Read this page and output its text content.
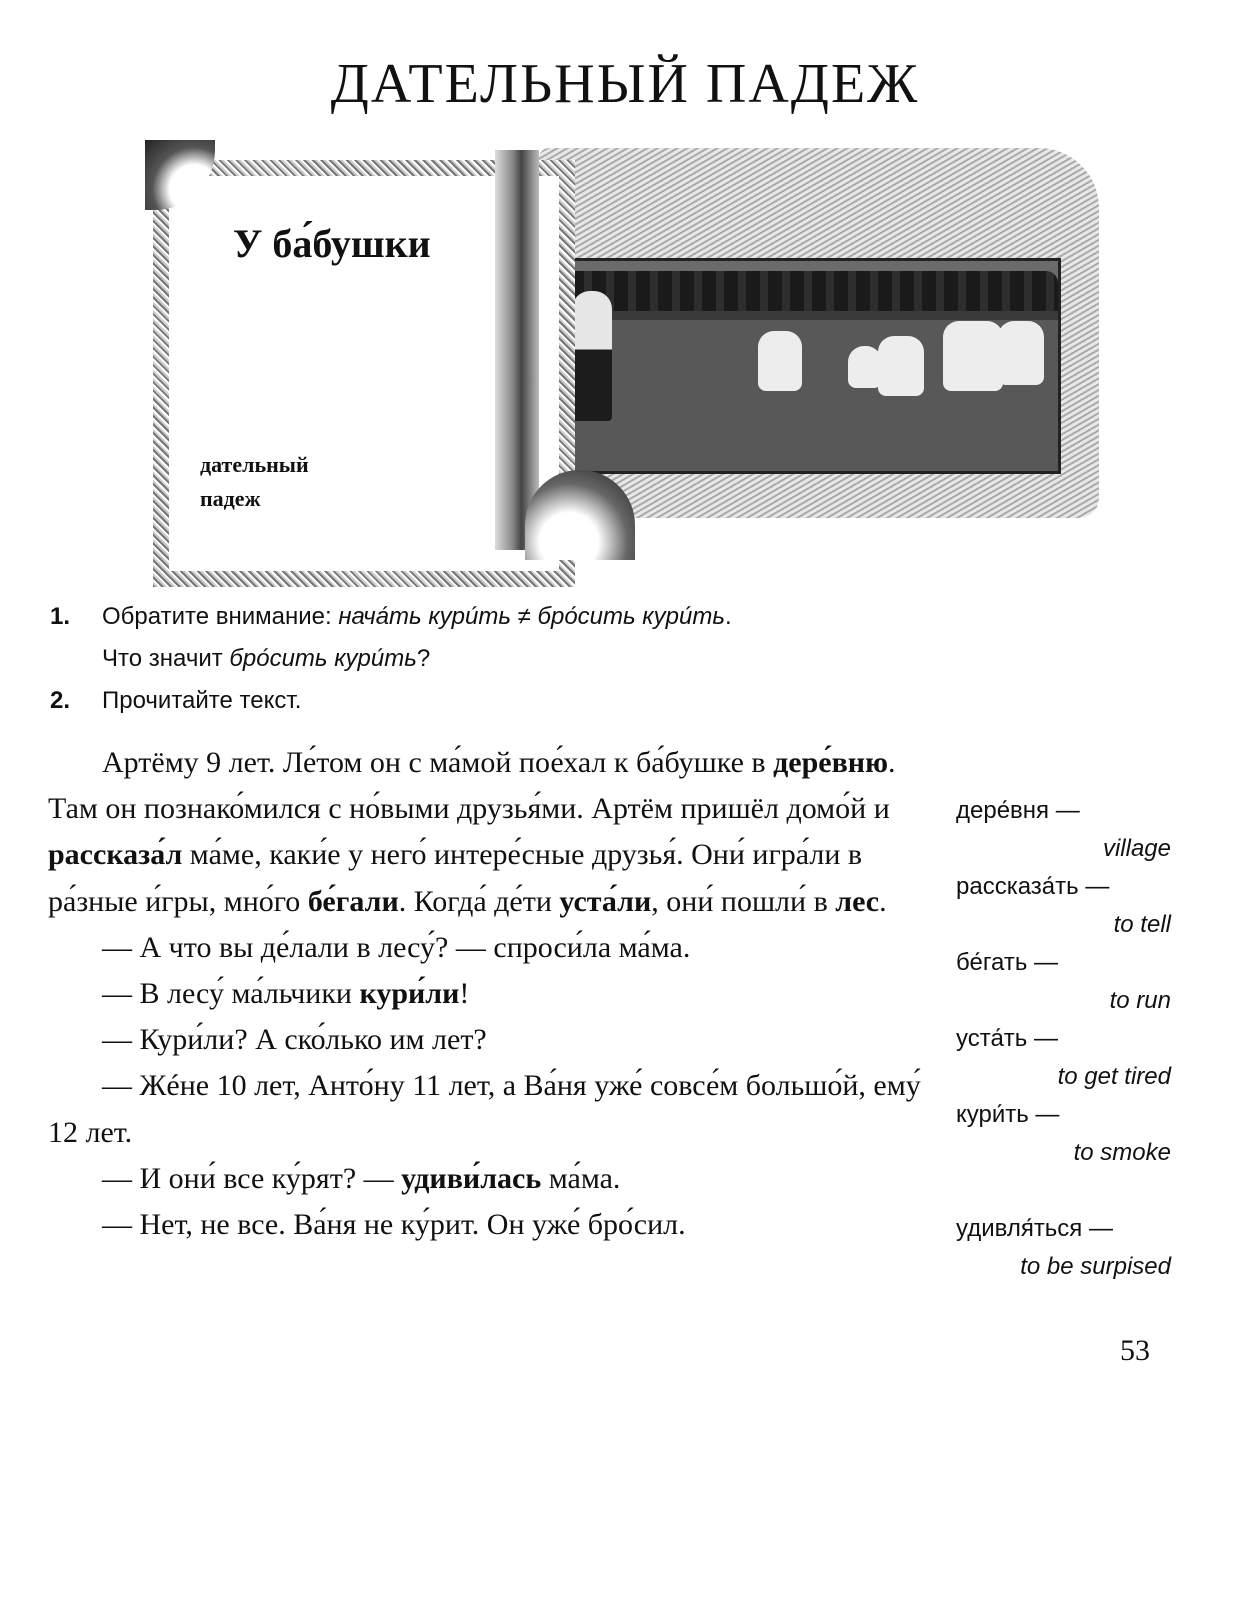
ДАТЕЛЬНЫЙ ПАДЕЖ
У ба́бушки

дательный падеж

1.	Обратите внимание: нача́ть кури́ть ≠ бро́сить кури́ть.
Что значит бро́сить кури́ть?
2.	Прочитайте текст.

Артёму 9 лет. Ле́том он с ма́мой пое́хал к ба́бушке в дере́вню. Там он познако́мился с но́выми друзья́ми. Артём пришёл домо́й и рассказа́л ма́ме, каки́е у него́ интере́сные друзья́. Они́ игра́ли в ра́зные и́гры, мно́го бе́гали. Когда́ де́ти уста́ли, они́ пошли́ в лес.

— А что вы де́лали в лесу́? — спроси́ла ма́ма.

— В лесу́ ма́льчики кури́ли!

— Кури́ли? А ско́лько им лет?

— Жéне 10 лет, Анто́ну 11 лет, а Ва́ня уже́ совсе́м большо́й, ему́ 12 лет.

— И они́ все ку́рят? — удиви́лась ма́ма.

— Нет, не все. Ва́ня не ку́рит. Он уже́ бро́сил.

дере́вня —
village
рассказа́ть —
to tell
бе́гать —
to run
уста́ть —
to get tired
кури́ть —
to smoke
удивля́ться —
to be surpised
53
